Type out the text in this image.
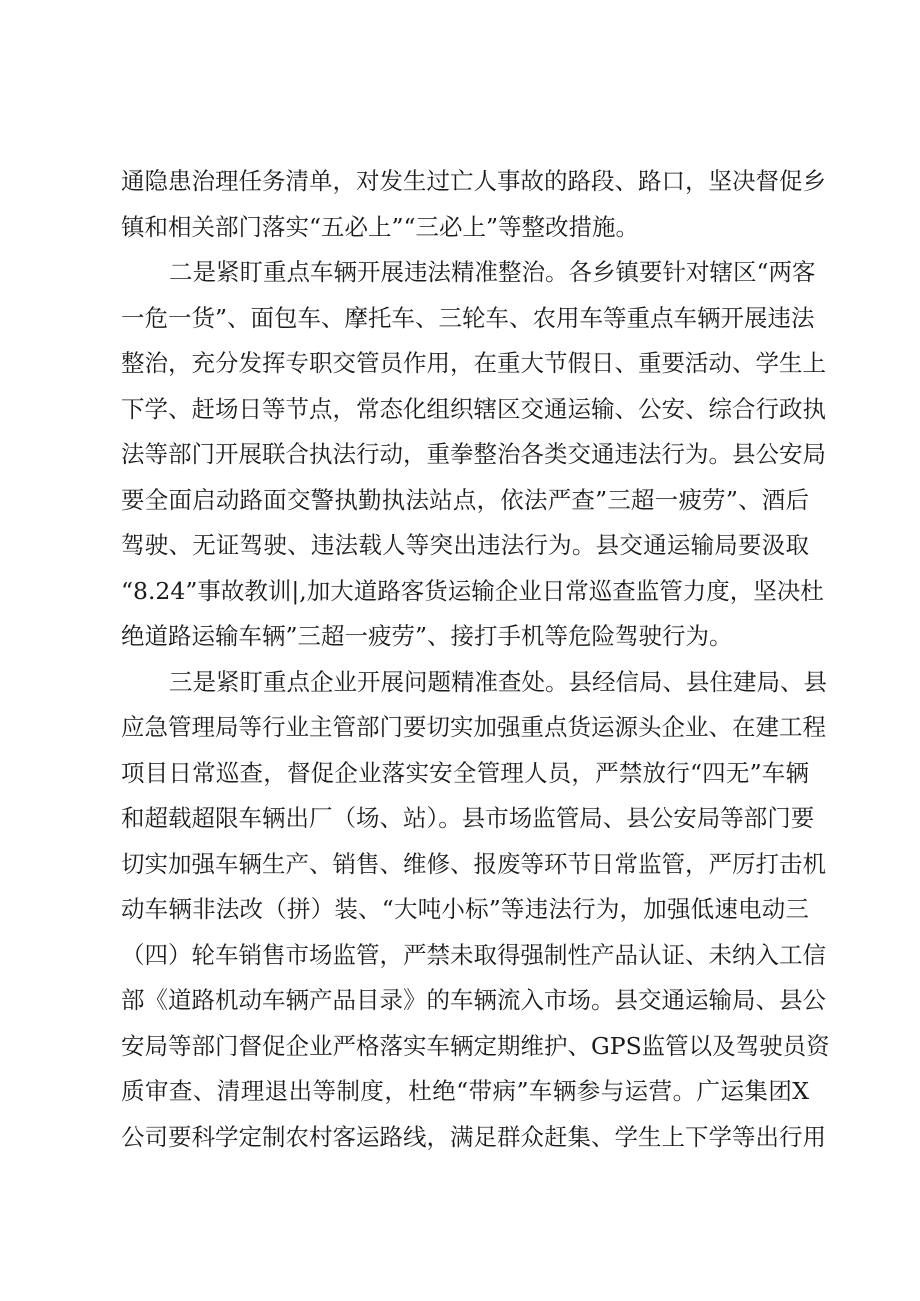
通隐患治理任务清单，对发生过亡人事故的路段、路口，坚决督促乡
镇和相关部门落实“五必上”“三必上”等整改措施。
二是紧盯重点车辆开展违法精准整治。各乡镇要针对辖区“两客
一危一货”、面包车、摩托车、三轮车、农用车等重点车辆开展违法
整治，充分发挥专职交管员作用，在重大节假日、重要活动、学生上
下学、赶场日等节点，常态化组织辖区交通运输、公安、综合行政执
法等部门开展联合执法行动，重拳整治各类交通违法行为。县公安局
要全面启动路面交警执勤执法站点，依法严查”三超一疲劳”、酒后
驾驶、无证驾驶、违法载人等突出违法行为。县交通运输局要汲取
“8.24”事故教训|,加大道路客货运输企业日常巡查监管力度，坚决杜
绝道路运输车辆”三超一疲劳”、接打手机等危险驾驶行为。
三是紧盯重点企业开展问题精准查处。县经信局、县住建局、县
应急管理局等行业主管部门要切实加强重点货运源头企业、在建工程
项目日常巡查，督促企业落实安全管理人员，严禁放行“四无”车辆
和超载超限车辆出厂（场、站）。县市场监管局、县公安局等部门要
切实加强车辆生产、销售、维修、报废等环节日常监管，严厉打击机
动车辆非法改（拼）装、“大吨小标”等违法行为，加强低速电动三
（四）轮车销售市场监管，严禁未取得强制性产品认证、未纳入工信
部《道路机动车辆产品目录》的车辆流入市场。县交通运输局、县公
安局等部门督促企业严格落实车辆定期维护、GPS监管以及驾驶员资
质审查、清理退出等制度，杜绝“带病”车辆参与运营。广运集团X
公司要科学定制农村客运路线，满足群众赶集、学生上下学等出行用
